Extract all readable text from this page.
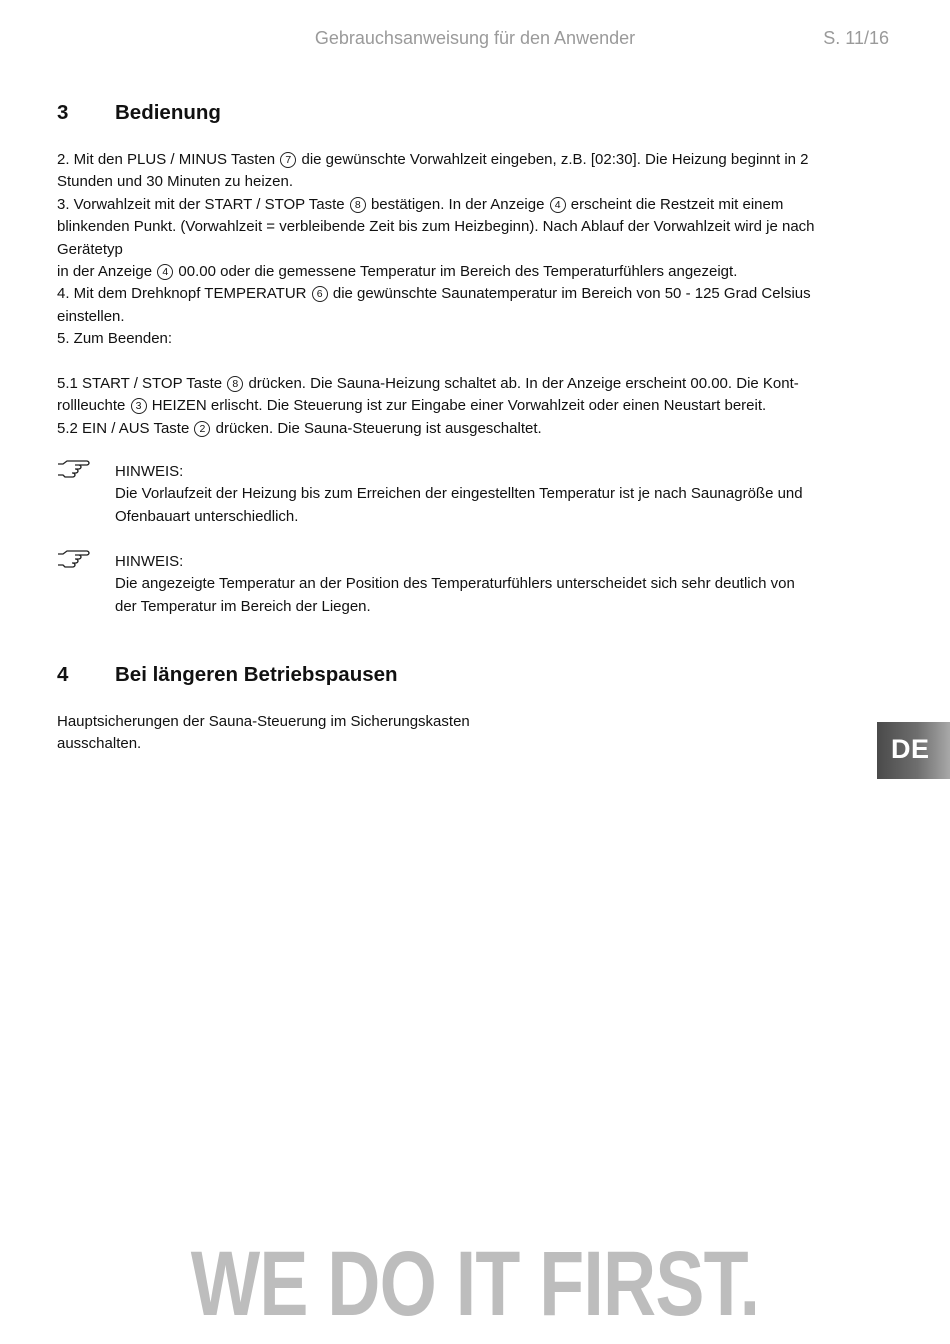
Gebrauchsanweisung für den Anwender	S. 11/16
3 Bedienung

2. Mit den PLUS / MINUS Tasten 7 die gewünschte Vorwahlzeit eingeben, z.B. [02:30]. Die Heizung beginnt in 2

Stunden und 30 Minuten zu heizen.

3. Vorwahlzeit mit der START / STOP Taste 8 bestätigen. In der Anzeige 4 erscheint die Restzeit mit einem

blinkenden Punkt. (Vorwahlzeit = verbleibende Zeit bis zum Heizbeginn). Nach Ablauf der Vorwahlzeit wird je nach

Gerätetyp

in der Anzeige 4 00.00 oder die gemessene Temperatur im Bereich des Temperaturfühlers angezeigt.

4. Mit dem Drehknopf TEMPERATUR 6 die gewünschte Saunatemperatur im Bereich von 50 - 125 Grad Celsius

einstellen.

5. Zum Beenden:

5.1 START / STOP Taste 8 drücken. Die Sauna-Heizung schaltet ab. In der Anzeige erscheint 00.00. Die Kont-

rollleuchte 3 HEIZEN erlischt. Die Steuerung ist zur Eingabe einer Vorwahlzeit oder einen Neustart bereit.

5.2 EIN / AUS Taste 2 drücken. Die Sauna-Steuerung ist ausgeschaltet.

HINWEIS:

Die Vorlaufzeit der Heizung bis zum Erreichen der eingestellten Temperatur ist je nach Saunagröße und

Ofenbauart unterschiedlich.

HINWEIS:

Die angezeigte Temperatur an der Position des Temperaturfühlers unterscheidet sich sehr deutlich von

der Temperatur im Bereich der Liegen.

4 Bei längeren Betriebspausen

Hauptsicherungen der Sauna-Steuerung im Sicherungskasten

ausschalten.	DE
WE DO IT FIRST.
